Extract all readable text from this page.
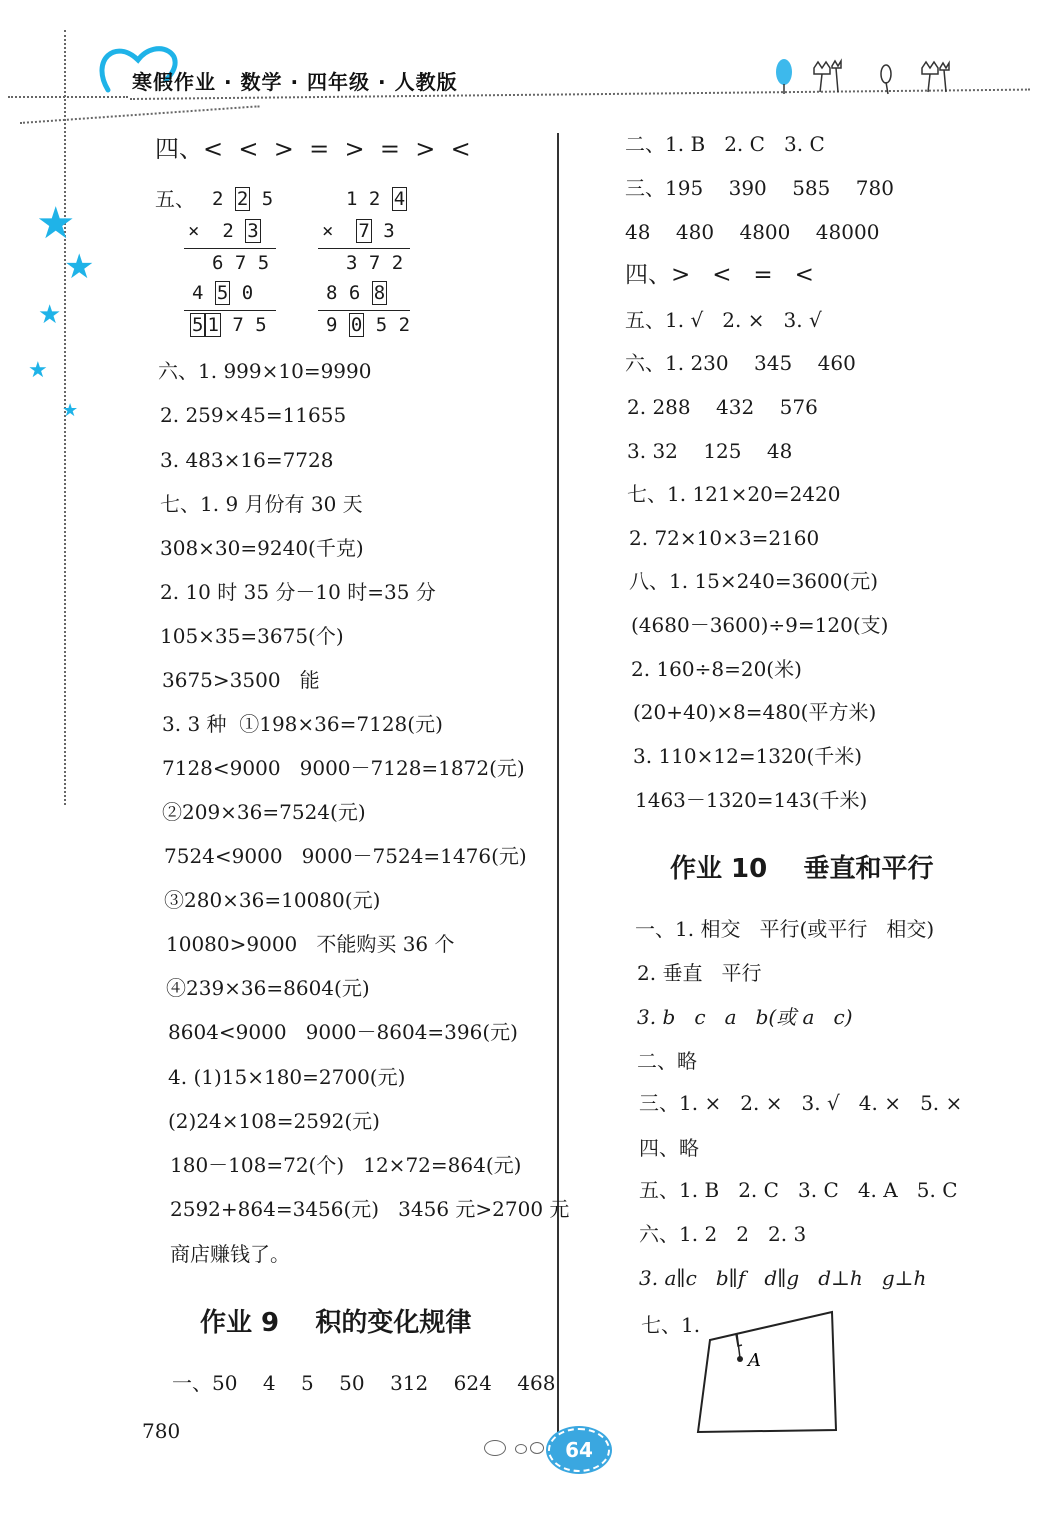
寒假作业 · 数学 · 四年级 · 人教版
★
★
★
★
★
四、<  <  >  =  >  =  >  <
五、 2 2 5
×  2 3
6 7 5
4 5 0
5 1 7 5
1 2 4
×  7 3
3 7 2
8 6 8
9 0 5 2
六、1. 999×10=9990
2. 259×45=11655
3. 483×16=7728
七、1. 9 月份有 30 天
308×30=9240(千克)
2. 10 时 35 分－10 时=35 分
105×35=3675(个)
3675>3500   能
3. 3 种  ①198×36=7128(元)
7128<9000   9000－7128=1872(元)
②209×36=7524(元)
7524<9000   9000－7524=1476(元)
③280×36=10080(元)
10080>9000   不能购买 36 个
④239×36=8604(元)
8604<9000   9000－8604=396(元)
4. (1)15×180=2700(元)
(2)24×108=2592(元)
180－108=72(个)   12×72=864(元)
2592+864=3456(元)   3456 元>2700 元
商店赚钱了。
作业 9    积的变化规律
一、50    4    5    50    312    624    468
780
二、1. B   2. C   3. C
三、195    390    585    780
48    480    4800    48000
四、>   <   =   <
五、1. √   2. ×   3. √
六、1. 230    345    460
2. 288    432    576
3. 32    125    48
七、1. 121×20=2420
2. 72×10×3=2160
八、1. 15×240=3600(元)
(4680－3600)÷9=120(支)
2. 160÷8=20(米)
(20+40)×8=480(平方米)
3. 110×12=1320(千米)
1463－1320=143(千米)
作业 10    垂直和平行
一、1. 相交   平行(或平行   相交)
2. 垂直   平行
3. b   c   a   b(或 a   c)
二、略
三、1. ×   2. ×   3. √   4. ×   5. ×
四、略
五、1. B   2. C   3. C   4. A   5. C
六、1. 2   2   2. 3
3. a∥c   b∥f   d∥g   d⊥h   g⊥h
七、1.
A
64
